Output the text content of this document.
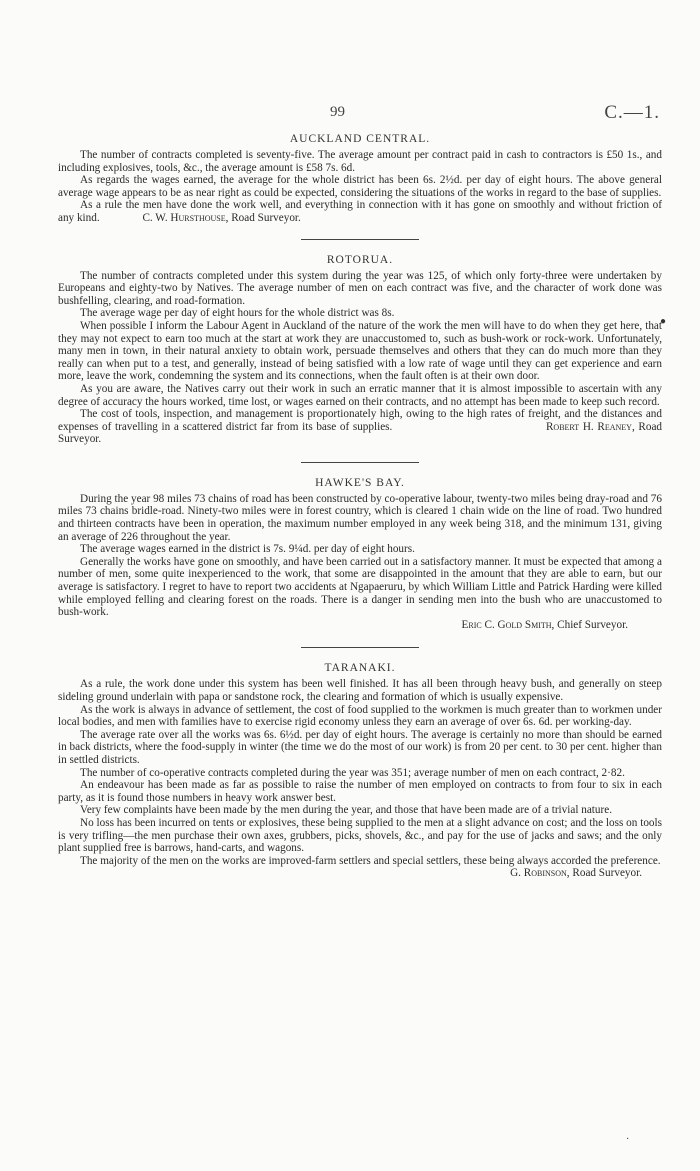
99	C.—1.
AUCKLAND CENTRAL.

The number of contracts completed is seventy-five. The average amount per contract paid in cash to contractors is £50 1s., and including explosives, tools, &c., the average amount is £58 7s. 6d.

As regards the wages earned, the average for the whole district has been 6s. 2½d. per day of eight hours. The above general average wage appears to be as near right as could be expected, considering the situations of the works in regard to the base of supplies.

As a rule the men have done the work well, and everything in connection with it has gone on smoothly and without friction of any kind.	C. W. Hursthouse, Road Surveyor.

ROTORUA.

The number of contracts completed under this system during the year was 125, of which only forty-three were undertaken by Europeans and eighty-two by Natives. The average number of men on each contract was five, and the character of work done was bushfelling, clearing, and road-formation.

The average wage per day of eight hours for the whole district was 8s.

When possible I inform the Labour Agent in Auckland of the nature of the work the men will have to do when they get here, that they may not expect to earn too much at the start at work they are unaccustomed to, such as bush-work or rock-work. Unfortunately, many men in town, in their natural anxiety to obtain work, persuade themselves and others that they can do much more than they really can when put to a test, and generally, instead of being satisfied with a low rate of wage until they can get experience and earn more, leave the work, condemning the system and its connections, when the fault often is at their own door.

As you are aware, the Natives carry out their work in such an erratic manner that it is almost impossible to ascertain with any degree of accuracy the hours worked, time lost, or wages earned on their contracts, and no attempt has been made to keep such record.

The cost of tools, inspection, and management is proportionately high, owing to the high rates of freight, and the distances and expenses of travelling in a scattered district far from its base of supplies.	Robert H. Reaney, Road Surveyor.

HAWKE'S BAY.

During the year 98 miles 73 chains of road has been constructed by co-operative labour, twenty-two miles being dray-road and 76 miles 73 chains bridle-road. Ninety-two miles were in forest country, which is cleared 1 chain wide on the line of road. Two hundred and thirteen contracts have been in operation, the maximum number employed in any week being 318, and the minimum 131, giving an average of 226 throughout the year.

The average wages earned in the district is 7s. 9¼d. per day of eight hours.

Generally the works have gone on smoothly, and have been carried out in a satisfactory manner. It must be expected that among a number of men, some quite inexperienced to the work, that some are disappointed in the amount that they are able to earn, but our average is satisfactory. I regret to have to report two accidents at Ngapaeruru, by which William Little and Patrick Harding were killed while employed felling and clearing forest on the roads. There is a danger in sending men into the bush who are unaccustomed to bush-work.

Eric C. Gold Smith, Chief Surveyor.
TARANAKI.

As a rule, the work done under this system has been well finished. It has all been through heavy bush, and generally on steep sideling ground underlain with papa or sandstone rock, the clearing and formation of which is usually expensive.

As the work is always in advance of settlement, the cost of food supplied to the workmen is much greater than to workmen under local bodies, and men with families have to exercise rigid economy unless they earn an average of over 6s. 6d. per working-day.

The average rate over all the works was 6s. 6½d. per day of eight hours. The average is certainly no more than should be earned in back districts, where the food-supply in winter (the time we do the most of our work) is from 20 per cent. to 30 per cent. higher than in settled districts.

The number of co-operative contracts completed during the year was 351; average number of men on each contract, 2·82.

An endeavour has been made as far as possible to raise the number of men employed on contracts to from four to six in each party, as it is found those numbers in heavy work answer best.

Very few complaints have been made by the men during the year, and those that have been made are of a trivial nature.

No loss has been incurred on tents or explosives, these being supplied to the men at a slight advance on cost; and the loss on tools is very trifling—the men purchase their own axes, grubbers, picks, shovels, &c., and pay for the use of jacks and saws; and the only plant supplied free is barrows, hand-carts, and wagons.

The majority of the men on the works are improved-farm settlers and special settlers, these being always accorded the preference.

G. Robinson, Road Surveyor.
●
·
